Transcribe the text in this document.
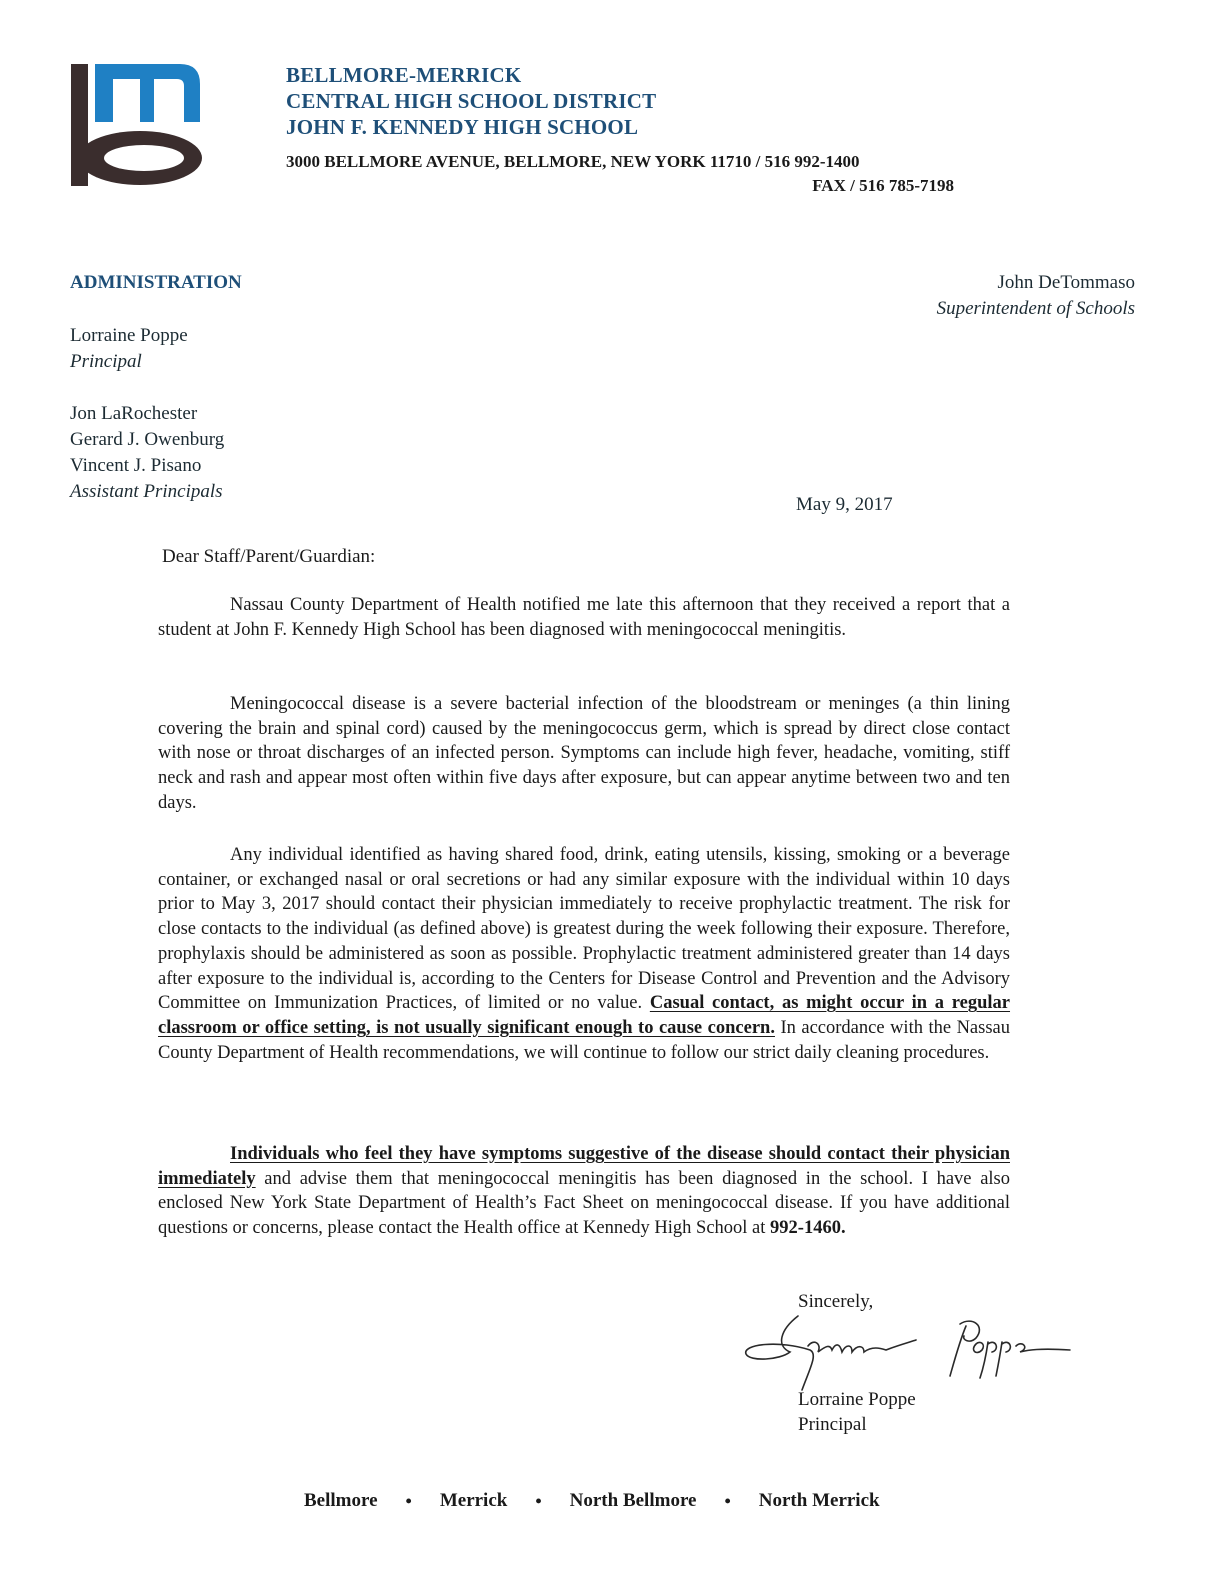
BELLMORE-MERRICK
CENTRAL HIGH SCHOOL DISTRICT
JOHN F. KENNEDY HIGH SCHOOL
3000 BELLMORE AVENUE, BELLMORE, NEW YORK 11710 / 516 992-1400
FAX / 516 785-7198
ADMINISTRATION
Lorraine Poppe
Principal
Jon LaRochester
Gerard J. Owenburg
Vincent J. Pisano
Assistant Principals
John DeTommaso
Superintendent of Schools
May 9, 2017
Dear Staff/Parent/Guardian:

Nassau County Department of Health notified me late this afternoon that they received a report that a student at John F. Kennedy High School has been diagnosed with meningococcal meningitis.

Meningococcal disease is a severe bacterial infection of the bloodstream or meninges (a thin lining covering the brain and spinal cord) caused by the meningococcus germ, which is spread by direct close contact with nose or throat discharges of an infected person. Symptoms can include high fever, headache, vomiting, stiff neck and rash and appear most often within five days after exposure, but can appear anytime between two and ten days.

Any individual identified as having shared food, drink, eating utensils, kissing, smoking or a beverage container, or exchanged nasal or oral secretions or had any similar exposure with the individual within 10 days prior to May 3, 2017 should contact their physician immediately to receive prophylactic treatment. The risk for close contacts to the individual (as defined above) is greatest during the week following their exposure. Therefore, prophylaxis should be administered as soon as possible. Prophylactic treatment administered greater than 14 days after exposure to the individual is, according to the Centers for Disease Control and Prevention and the Advisory Committee on Immunization Practices, of limited or no value. Casual contact, as might occur in a regular classroom or office setting, is not usually significant enough to cause concern. In accordance with the Nassau County Department of Health recommendations, we will continue to follow our strict daily cleaning procedures.

Individuals who feel they have symptoms suggestive of the disease should contact their physician immediately and advise them that meningococcal meningitis has been diagnosed in the school. I have also enclosed New York State Department of Health’s Fact Sheet on meningococcal disease. If you have additional questions or concerns, please contact the Health office at Kennedy High School at 992-1460.

Sincerely,
Lorraine Poppe
Principal
Bellmore • Merrick • North Bellmore • North Merrick
